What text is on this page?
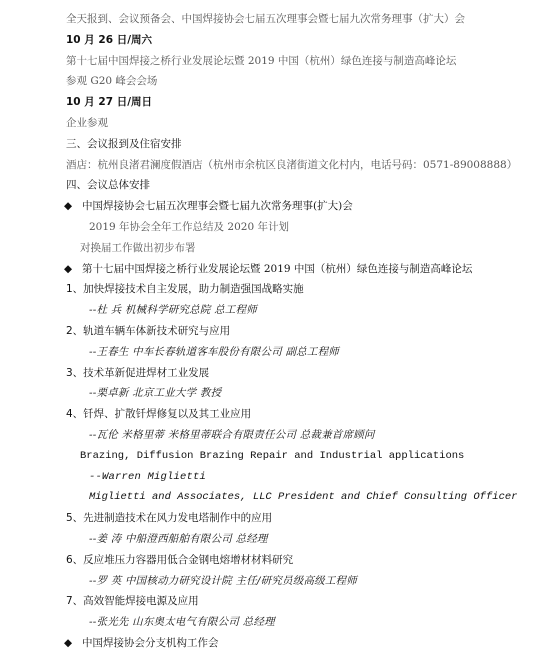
全天报到、会议预备会、中国焊接协会七届五次理事会暨七届九次常务理事（扩大）会
10 月 26 日/周六
第十七届中国焊接之桥行业发展论坛暨 2019 中国（杭州）绿色连接与制造高峰论坛
参观 G20 峰会会场
10 月 27 日/周日
企业参观
三、会议报到及住宿安排
酒店：杭州良渚君澜度假酒店（杭州市余杭区良渚街道文化村内，电话号码：0571-89008888）
四、会议总体安排
◆ 中国焊接协会七届五次理事会暨七届九次常务理事(扩大)会
2019 年协会全年工作总结及 2020 年计划
对换届工作做出初步布署
◆ 第十七届中国焊接之桥行业发展论坛暨 2019 中国（杭州）绿色连接与制造高峰论坛
1、加快焊接技术自主发展，助力制造强国战略实施
--杜 兵 机械科学研究总院 总工程师
2、轨道车辆车体新技术研究与应用
--王春生 中车长春轨道客车股份有限公司 副总工程师
3、技术革新促进焊材工业发展
--栗卓新 北京工业大学 教授
4、钎焊、扩散钎焊修复以及其工业应用
--瓦伦 米格里蒂 米格里蒂联合有限责任公司 总裁兼首席顾问
Brazing, Diffusion Brazing Repair and Industrial applications
--Warren Miglietti
Miglietti and Associates, LLC President and Chief Consulting Officer
5、先进制造技术在风力发电塔制作中的应用
--姜 涛 中船澄西船舶有限公司 总经理
6、反应堆压力容器用低合金钢电熔增材材料研究
--罗 英 中国核动力研究设计院 主任/研究员级高级工程师
7、高效智能焊接电源及应用
--张光先 山东奥太电气有限公司 总经理
◆ 中国焊接协会分支机构工作会
